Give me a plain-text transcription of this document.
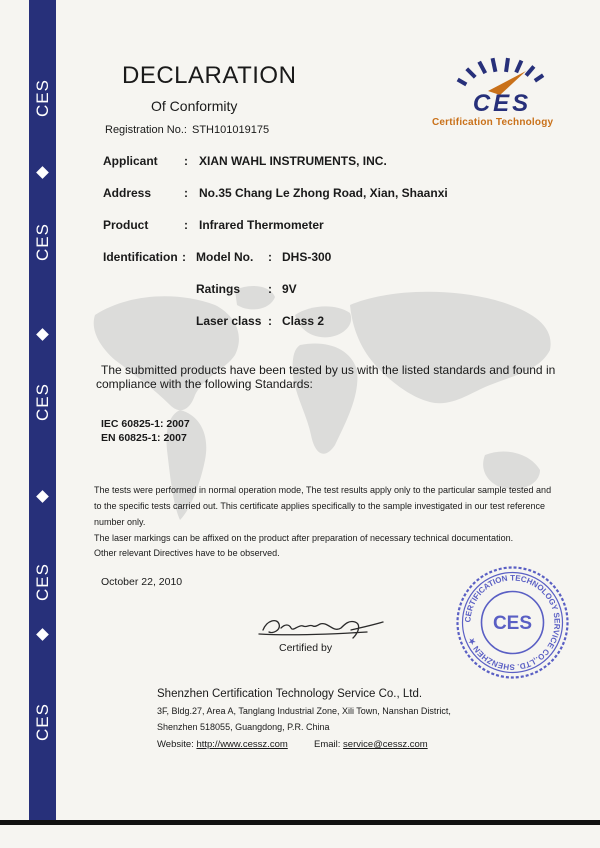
CES
CES
CES
CES
CES
DECLARATION
Of Conformity
Registration No.: STH101019175
CES
Certification Technology
Applicant : XIAN WAHL INSTRUMENTS, INC.
Address	: No.35 Chang Le Zhong Road, Xian, Shaanxi
Product	: Infrared Thermometer
Identification : Model No. : DHS-300
Ratings : 9V
Laser class : Class 2
The submitted products have been tested by us with the listed standards and found in
compliance with the following Standards:
IEC 60825-1: 2007
EN 60825-1: 2007
The tests were performed in normal operation mode, The test results apply only to the particular sample tested and
to the specific tests carried out. This certificate applies specifically to the sample investigated in our test reference
number only.
The laser markings can be affixed on the product after preparation of necessary technical documentation.
Other relevant Directives have to be observed.
October 22, 2010
Certified by
CERTIFICATION TECHNOLOGY SERVICE CO.,LTD. SHENZHEN ★
CES
Shenzhen Certification Technology Service Co., Ltd.
3F, Bldg.27, Area A, Tanglang Industrial Zone, Xili Town, Nanshan District,
Shenzhen 518055, Guangdong, P.R. China
Website: http://www.cessz.com	Email: service@cessz.com
